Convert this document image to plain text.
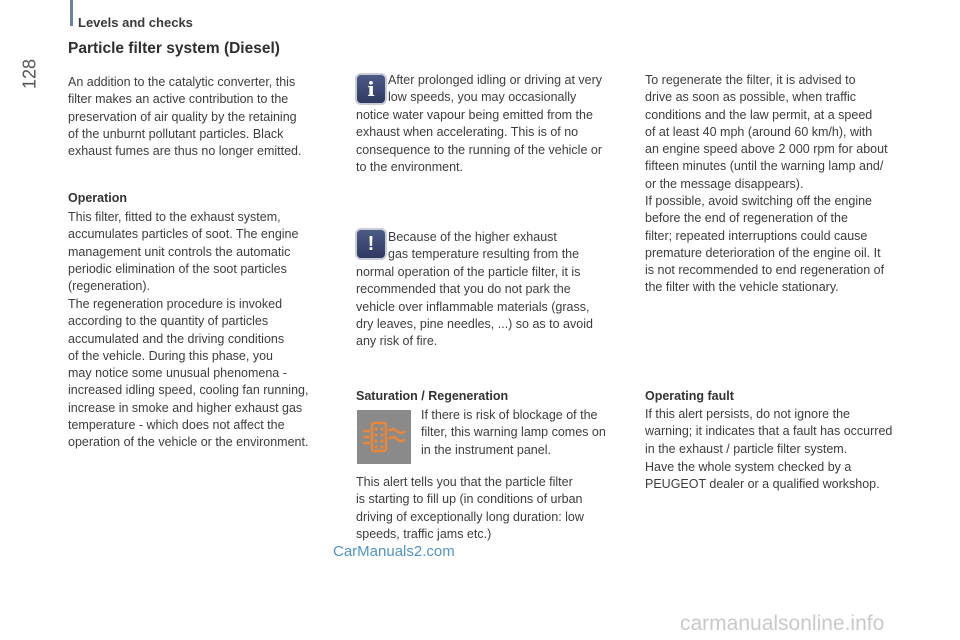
Levels and checks
128
Particle filter system (Diesel)

An addition to the catalytic converter, this
filter makes an active contribution to the
preservation of air quality by the retaining
of the unburnt pollutant particles. Black
exhaust fumes are thus no longer emitted.

Operation

This filter, fitted to the exhaust system,
accumulates particles of soot. The engine
management unit controls the automatic
periodic elimination of the soot particles
(regeneration).

The regeneration procedure is invoked
according to the quantity of particles
accumulated and the driving conditions
of the vehicle. During this phase, you
may notice some unusual phenomena -
increased idling speed, cooling fan running,
increase in smoke and higher exhaust gas
temperature - which does not affect the
operation of the vehicle or the environment.

i	After prolonged idling or driving at very
low speeds, you may occasionally

notice water vapour being emitted from the
exhaust when accelerating. This is of no
consequence to the running of the vehicle or
to the environment.

!	Because of the higher exhaust
gas temperature resulting from the

normal operation of the particle filter, it is
recommended that you do not park the
vehicle over inflammable materials (grass,
dry leaves, pine needles, ...) so as to avoid
any risk of fire.

Saturation / Regeneration

If there is risk of blockage of the
filter, this warning lamp comes on
in the instrument panel.

This alert tells you that the particle filter
is starting to fill up (in conditions of urban
driving of exceptionally long duration: low
speeds, traffic jams etc.)

To regenerate the filter, it is advised to
drive as soon as possible, when traffic
conditions and the law permit, at a speed
of at least 40 mph (around 60 km/h), with
an engine speed above 2 000 rpm for about
fifteen minutes (until the warning lamp and/
or the message disappears).

If possible, avoid switching off the engine
before the end of regeneration of the
filter; repeated interruptions could cause
premature deterioration of the engine oil. It
is not recommended to end regeneration of
the filter with the vehicle stationary.

Operating fault

If this alert persists, do not ignore the
warning; it indicates that a fault has occurred
in the exhaust / particle filter system.

Have the whole system checked by a
PEUGEOT dealer or a qualified workshop.

CarManuals2.com
carmanualsonline.info
